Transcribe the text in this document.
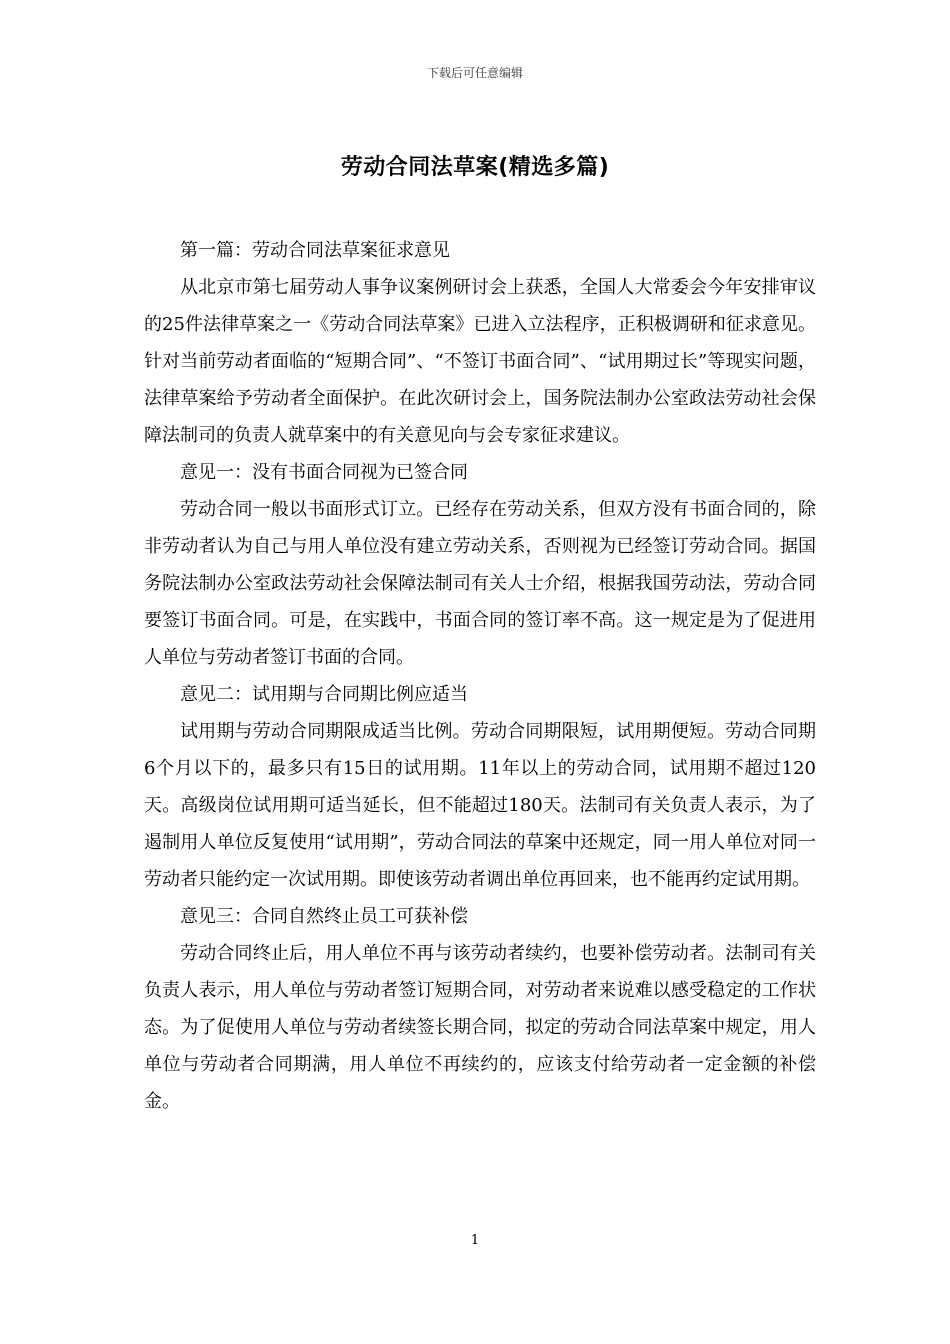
下载后可任意编辑
劳动合同法草案(精选多篇)

第一篇：劳动合同法草案征求意见

从北京市第七届劳动人事争议案例研讨会上获悉，全国人大常委会今年安排审议的25件法律草案之一《劳动合同法草案》已进入立法程序，正积极调研和征求意见。针对当前劳动者面临的“短期合同”、“不签订书面合同”、“试用期过长”等现实问题，法律草案给予劳动者全面保护。在此次研讨会上，国务院法制办公室政法劳动社会保障法制司的负责人就草案中的有关意见向与会专家征求建议。

意见一：没有书面合同视为已签合同

劳动合同一般以书面形式订立。已经存在劳动关系，但双方没有书面合同的，除非劳动者认为自己与用人单位没有建立劳动关系，否则视为已经签订劳动合同。据国务院法制办公室政法劳动社会保障法制司有关人士介绍，根据我国劳动法，劳动合同要签订书面合同。可是，在实践中，书面合同的签订率不高。这一规定是为了促进用人单位与劳动者签订书面的合同。

意见二：试用期与合同期比例应适当

试用期与劳动合同期限成适当比例。劳动合同期限短，试用期便短。劳动合同期6个月以下的，最多只有15日的试用期。11年以上的劳动合同，试用期不超过120天。高级岗位试用期可适当延长，但不能超过180天。法制司有关负责人表示，为了遏制用人单位反复使用“试用期”，劳动合同法的草案中还规定，同一用人单位对同一劳动者只能约定一次试用期。即使该劳动者调出单位再回来，也不能再约定试用期。

意见三：合同自然终止员工可获补偿

劳动合同终止后，用人单位不再与该劳动者续约，也要补偿劳动者。法制司有关负责人表示，用人单位与劳动者签订短期合同，对劳动者来说难以感受稳定的工作状态。为了促使用人单位与劳动者续签长期合同，拟定的劳动合同法草案中规定，用人单位与劳动者合同期满，用人单位不再续约的，应该支付给劳动者一定金额的补偿金。

1
